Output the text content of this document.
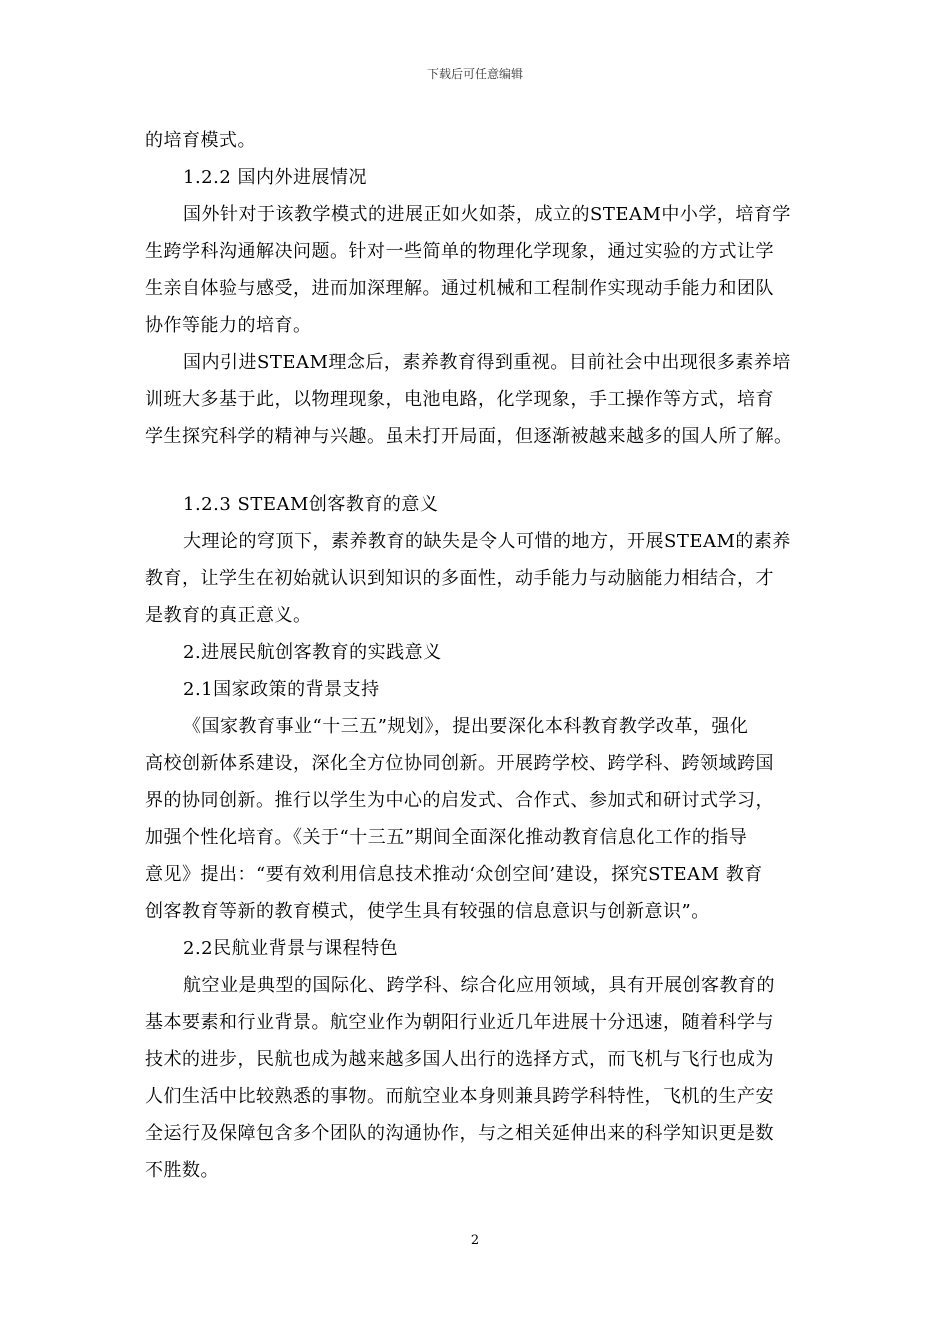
下载后可任意编辑
的培育模式。
1.2.2 国内外进展情况
国外针对于该教学模式的进展正如火如荼，成立的STEAM中小学，培育学
生跨学科沟通解决问题。针对一些简单的物理化学现象，通过实验的方式让学
生亲自体验与感受，进而加深理解。通过机械和工程制作实现动手能力和团队
协作等能力的培育。
国内引进STEAM理念后，素养教育得到重视。目前社会中出现很多素养培
训班大多基于此，以物理现象，电池电路，化学现象，手工操作等方式，培育
学生探究科学的精神与兴趣。虽未打开局面，但逐渐被越来越多的国人所了解。
1.2.3 STEAM创客教育的意义
大理论的穹顶下，素养教育的缺失是令人可惜的地方，开展STEAM的素养
教育，让学生在初始就认识到知识的多面性，动手能力与动脑能力相结合，才
是教育的真正意义。
2.进展民航创客教育的实践意义
2.1国家政策的背景支持
《国家教育事业“十三五”规划》，提出要深化本科教育教学改革，强化
高校创新体系建设，深化全方位协同创新。开展跨学校、跨学科、跨领域跨国
界的协同创新。推行以学生为中心的启发式、合作式、参加式和研讨式学习，
加强个性化培育。《关于“十三五”期间全面深化推动教育信息化工作的指导
意见》提出：“要有效利用信息技术推动‘众创空间’建设，探究STEAM 教育
创客教育等新的教育模式，使学生具有较强的信息意识与创新意识”。
2.2民航业背景与课程特色
航空业是典型的国际化、跨学科、综合化应用领域，具有开展创客教育的
基本要素和行业背景。航空业作为朝阳行业近几年进展十分迅速，随着科学与
技术的进步，民航也成为越来越多国人出行的选择方式，而飞机与飞行也成为
人们生活中比较熟悉的事物。而航空业本身则兼具跨学科特性，飞机的生产安
全运行及保障包含多个团队的沟通协作，与之相关延伸出来的科学知识更是数
不胜数。
2
